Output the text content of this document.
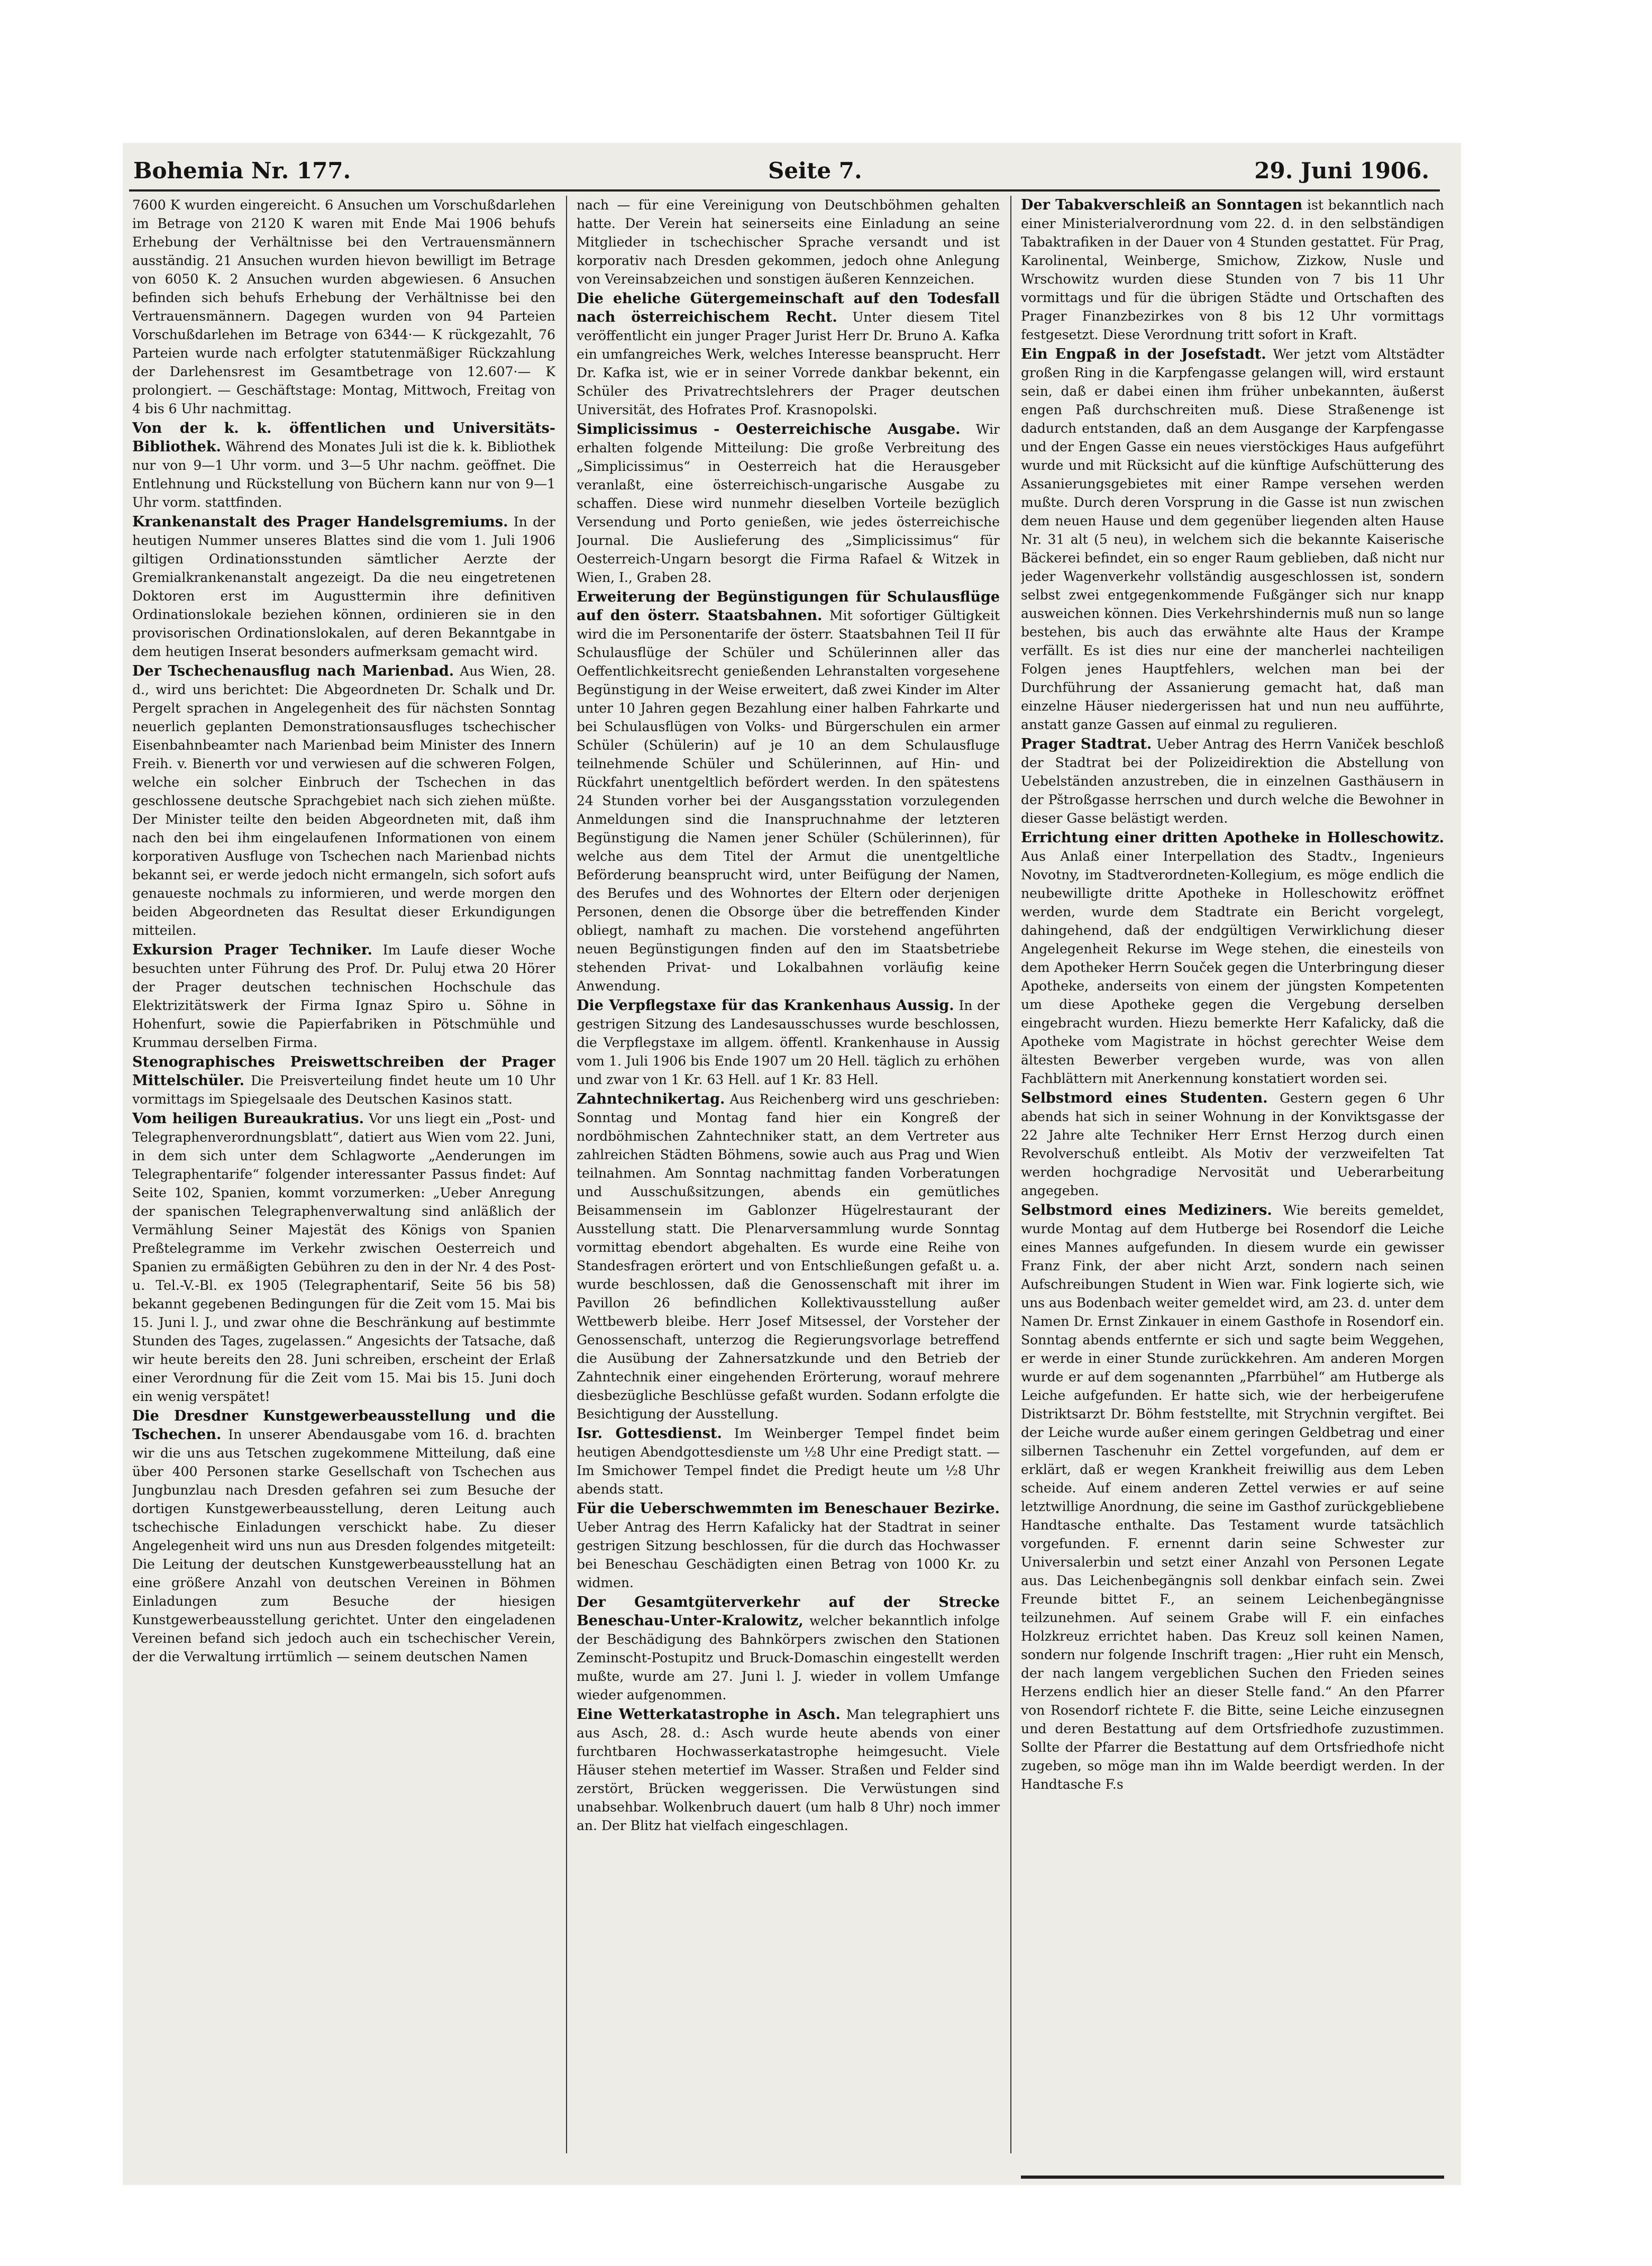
Bohemia Nr. 177.	Seite 7.	29. Juni 1906.

7600 K wurden eingereicht. 6 Ansuchen um Vorschußdarlehen im Betrage von 2120 K waren mit Ende Mai 1906 behufs Erhebung der Verhältnisse bei den Vertrauensmännern ausständig. 21 Ansuchen wurden hievon bewilligt im Betrage von 6050 K. 2 Ansuchen wurden abgewiesen. 6 Ansuchen befinden sich behufs Erhebung der Verhältnisse bei den Vertrauensmännern. Dagegen wurden von 94 Parteien Vorschußdarlehen im Betrage von 6344·— K rückgezahlt, 76 Parteien wurde nach erfolgter statutenmäßiger Rückzahlung der Darlehensrest im Gesamtbetrage von 12.607·— K prolongiert. — Geschäftstage: Montag, Mittwoch, Freitag von 4 bis 6 Uhr nachmittag.

Von der k. k. öffentlichen und Universitäts-Bibliothek. Während des Monates Juli ist die k. k. Bibliothek nur von 9—1 Uhr vorm. und 3—5 Uhr nachm. geöffnet. Die Entlehnung und Rückstellung von Büchern kann nur von 9—1 Uhr vorm. stattfinden.

Krankenanstalt des Prager Handelsgremiums. In der heutigen Nummer unseres Blattes sind die vom 1. Juli 1906 giltigen Ordinationsstunden sämtlicher Aerzte der Gremialkrankenanstalt angezeigt. Da die neu eingetretenen Doktoren erst im Augusttermin ihre definitiven Ordinationslokale beziehen können, ordinieren sie in den provisorischen Ordinationslokalen, auf deren Bekanntgabe in dem heutigen Inserat besonders aufmerksam gemacht wird.

Der Tschechenausflug nach Marienbad. Aus Wien, 28. d., wird uns berichtet: Die Abgeordneten Dr. Schalk und Dr. Pergelt sprachen in Angelegenheit des für nächsten Sonntag neuerlich geplanten Demonstrationsausfluges tschechischer Eisenbahnbeamter nach Marienbad beim Minister des Innern Freih. v. Bienerth vor und verwiesen auf die schweren Folgen, welche ein solcher Einbruch der Tschechen in das geschlossene deutsche Sprachgebiet nach sich ziehen müßte. Der Minister teilte den beiden Abgeordneten mit, daß ihm nach den bei ihm eingelaufenen Informationen von einem korporativen Ausfluge von Tschechen nach Marienbad nichts bekannt sei, er werde jedoch nicht ermangeln, sich sofort aufs genaueste nochmals zu informieren, und werde morgen den beiden Abgeordneten das Resultat dieser Erkundigungen mitteilen.

Exkursion Prager Techniker. Im Laufe dieser Woche besuchten unter Führung des Prof. Dr. Puluj etwa 20 Hörer der Prager deutschen technischen Hochschule das Elektrizitätswerk der Firma Ignaz Spiro u. Söhne in Hohenfurt, sowie die Papierfabriken in Pötschmühle und Krummau derselben Firma.

Stenographisches Preiswettschreiben der Prager Mittelschüler. Die Preisverteilung findet heute um 10 Uhr vormittags im Spiegelsaale des Deutschen Kasinos statt.

Vom heiligen Bureaukratius. Vor uns liegt ein „Post- und Telegraphenverordnungsblatt“, datiert aus Wien vom 22. Juni, in dem sich unter dem Schlagworte „Aenderungen im Telegraphentarife“ folgender interessanter Passus findet: Auf Seite 102, Spanien, kommt vorzumerken: „Ueber Anregung der spanischen Telegraphenverwaltung sind anläßlich der Vermählung Seiner Majestät des Königs von Spanien Preßtelegramme im Verkehr zwischen Oesterreich und Spanien zu ermäßigten Gebühren zu den in der Nr. 4 des Post- u. Tel.-V.-Bl. ex 1905 (Telegraphentarif, Seite 56 bis 58) bekannt gegebenen Bedingungen für die Zeit vom 15. Mai bis 15. Juni l. J., und zwar ohne die Beschränkung auf bestimmte Stunden des Tages, zugelassen.“ Angesichts der Tatsache, daß wir heute bereits den 28. Juni schreiben, erscheint der Erlaß einer Verordnung für die Zeit vom 15. Mai bis 15. Juni doch ein wenig verspätet!

Die Dresdner Kunstgewerbeausstellung und die Tschechen. In unserer Abendausgabe vom 16. d. brachten wir die uns aus Tetschen zugekommene Mitteilung, daß eine über 400 Personen starke Gesellschaft von Tschechen aus Jungbunzlau nach Dresden gefahren sei zum Besuche der dortigen Kunstgewerbeausstellung, deren Leitung auch tschechische Einladungen verschickt habe. Zu dieser Angelegenheit wird uns nun aus Dresden folgendes mitgeteilt: Die Leitung der deutschen Kunstgewerbeausstellung hat an eine größere Anzahl von deutschen Vereinen in Böhmen Einladungen zum Besuche der hiesigen Kunstgewerbeausstellung gerichtet. Unter den eingeladenen Vereinen befand sich jedoch auch ein tschechischer Verein, der die Verwaltung irrtümlich — seinem deutschen Namen

nach — für eine Vereinigung von Deutschböhmen gehalten hatte. Der Verein hat seinerseits eine Einladung an seine Mitglieder in tschechischer Sprache versandt und ist korporativ nach Dresden gekommen, jedoch ohne Anlegung von Vereinsabzeichen und sonstigen äußeren Kennzeichen.

Die eheliche Gütergemeinschaft auf den Todesfall nach österreichischem Recht. Unter diesem Titel veröffentlicht ein junger Prager Jurist Herr Dr. Bruno A. Kafka ein umfangreiches Werk, welches Interesse beansprucht. Herr Dr. Kafka ist, wie er in seiner Vorrede dankbar bekennt, ein Schüler des Privatrechtslehrers der Prager deutschen Universität, des Hofrates Prof. Krasnopolski.

Simplicissimus - Oesterreichische Ausgabe. Wir erhalten folgende Mitteilung: Die große Verbreitung des „Simplicissimus“ in Oesterreich hat die Herausgeber veranlaßt, eine österreichisch-ungarische Ausgabe zu schaffen. Diese wird nunmehr dieselben Vorteile bezüglich Versendung und Porto genießen, wie jedes österreichische Journal. Die Auslieferung des „Simplicissimus“ für Oesterreich-Ungarn besorgt die Firma Rafael & Witzek in Wien, I., Graben 28.

Erweiterung der Begünstigungen für Schulausflüge auf den österr. Staatsbahnen. Mit sofortiger Gültigkeit wird die im Personentarife der österr. Staatsbahnen Teil II für Schulausflüge der Schüler und Schülerinnen aller das Oeffentlichkeitsrecht genießenden Lehranstalten vorgesehene Begünstigung in der Weise erweitert, daß zwei Kinder im Alter unter 10 Jahren gegen Bezahlung einer halben Fahrkarte und bei Schulausflügen von Volks- und Bürgerschulen ein armer Schüler (Schülerin) auf je 10 an dem Schulausfluge teilnehmende Schüler und Schülerinnen, auf Hin- und Rückfahrt unentgeltlich befördert werden. In den spätestens 24 Stunden vorher bei der Ausgangsstation vorzulegenden Anmeldungen sind die Inanspruchnahme der letzteren Begünstigung die Namen jener Schüler (Schülerinnen), für welche aus dem Titel der Armut die unentgeltliche Beförderung beansprucht wird, unter Beifügung der Namen, des Berufes und des Wohnortes der Eltern oder derjenigen Personen, denen die Obsorge über die betreffenden Kinder obliegt, namhaft zu machen. Die vorstehend angeführten neuen Begünstigungen finden auf den im Staatsbetriebe stehenden Privat- und Lokalbahnen vorläufig keine Anwendung.

Die Verpflegstaxe für das Krankenhaus Aussig. In der gestrigen Sitzung des Landesausschusses wurde beschlossen, die Verpflegstaxe im allgem. öffentl. Krankenhause in Aussig vom 1. Juli 1906 bis Ende 1907 um 20 Hell. täglich zu erhöhen und zwar von 1 Kr. 63 Hell. auf 1 Kr. 83 Hell.

Zahntechnikertag. Aus Reichenberg wird uns geschrieben: Sonntag und Montag fand hier ein Kongreß der nordböhmischen Zahntechniker statt, an dem Vertreter aus zahlreichen Städten Böhmens, sowie auch aus Prag und Wien teilnahmen. Am Sonntag nachmittag fanden Vorberatungen und Ausschußsitzungen, abends ein gemütliches Beisammensein im Gablonzer Hügelrestaurant der Ausstellung statt. Die Plenarversammlung wurde Sonntag vormittag ebendort abgehalten. Es wurde eine Reihe von Standesfragen erörtert und von Entschließungen gefaßt u. a. wurde beschlossen, daß die Genossenschaft mit ihrer im Pavillon 26 befindlichen Kollektivausstellung außer Wettbewerb bleibe. Herr Josef Mitsessel, der Vorsteher der Genossenschaft, unterzog die Regierungsvorlage betreffend die Ausübung der Zahnersatzkunde und den Betrieb der Zahntechnik einer eingehenden Erörterung, worauf mehrere diesbezügliche Beschlüsse gefaßt wurden. Sodann erfolgte die Besichtigung der Ausstellung.

Isr. Gottesdienst. Im Weinberger Tempel findet beim heutigen Abendgottesdienste um ½8 Uhr eine Predigt statt. — Im Smichower Tempel findet die Predigt heute um ½8 Uhr abends statt.

Für die Ueberschwemmten im Beneschauer Bezirke. Ueber Antrag des Herrn Kafalicky hat der Stadtrat in seiner gestrigen Sitzung beschlossen, für die durch das Hochwasser bei Beneschau Geschädigten einen Betrag von 1000 Kr. zu widmen.

Der Gesamtgüterverkehr auf der Strecke Beneschau-Unter-Kralowitz, welcher bekanntlich infolge der Beschädigung des Bahnkörpers zwischen den Stationen Zeminscht-Postupitz und Bruck-Domaschin eingestellt werden mußte, wurde am 27. Juni l. J. wieder in vollem Umfange wieder aufgenommen.

Eine Wetterkatastrophe in Asch. Man telegraphiert uns aus Asch, 28. d.: Asch wurde heute abends von einer furchtbaren Hochwasserkatastrophe heimgesucht. Viele Häuser stehen metertief im Wasser. Straßen und Felder sind zerstört, Brücken weggerissen. Die Verwüstungen sind unabsehbar. Wolkenbruch dauert (um halb 8 Uhr) noch immer an. Der Blitz hat vielfach eingeschlagen.

Der Tabakverschleiß an Sonntagen ist bekanntlich nach einer Ministerialverordnung vom 22. d. in den selbständigen Tabaktrafiken in der Dauer von 4 Stunden gestattet. Für Prag, Karolinental, Weinberge, Smichow, Zizkow, Nusle und Wrschowitz wurden diese Stunden von 7 bis 11 Uhr vormittags und für die übrigen Städte und Ortschaften des Prager Finanzbezirkes von 8 bis 12 Uhr vormittags festgesetzt. Diese Verordnung tritt sofort in Kraft.

Ein Engpaß in der Josefstadt. Wer jetzt vom Altstädter großen Ring in die Karpfengasse gelangen will, wird erstaunt sein, daß er dabei einen ihm früher unbekannten, äußerst engen Paß durchschreiten muß. Diese Straßenenge ist dadurch entstanden, daß an dem Ausgange der Karpfengasse und der Engen Gasse ein neues vierstöckiges Haus aufgeführt wurde und mit Rücksicht auf die künftige Aufschütterung des Assanierungsgebietes mit einer Rampe versehen werden mußte. Durch deren Vorsprung in die Gasse ist nun zwischen dem neuen Hause und dem gegenüber liegenden alten Hause Nr. 31 alt (5 neu), in welchem sich die bekannte Kaiserische Bäckerei befindet, ein so enger Raum geblieben, daß nicht nur jeder Wagenverkehr vollständig ausgeschlossen ist, sondern selbst zwei entgegenkommende Fußgänger sich nur knapp ausweichen können. Dies Verkehrshindernis muß nun so lange bestehen, bis auch das erwähnte alte Haus der Krampe verfällt. Es ist dies nur eine der mancherlei nachteiligen Folgen jenes Hauptfehlers, welchen man bei der Durchführung der Assanierung gemacht hat, daß man einzelne Häuser niedergerissen hat und nun neu aufführte, anstatt ganze Gassen auf einmal zu regulieren.

Prager Stadtrat. Ueber Antrag des Herrn Vaniček beschloß der Stadtrat bei der Polizeidirektion die Abstellung von Uebelständen anzustreben, die in einzelnen Gasthäusern in der Pštroßgasse herrschen und durch welche die Bewohner in dieser Gasse belästigt werden.

Errichtung einer dritten Apotheke in Holleschowitz. Aus Anlaß einer Interpellation des Stadtv., Ingenieurs Novotny, im Stadtverordneten-Kollegium, es möge endlich die neubewilligte dritte Apotheke in Holleschowitz eröffnet werden, wurde dem Stadtrate ein Bericht vorgelegt, dahingehend, daß der endgültigen Verwirklichung dieser Angelegenheit Rekurse im Wege stehen, die einesteils von dem Apotheker Herrn Souček gegen die Unterbringung dieser Apotheke, anderseits von einem der jüngsten Kompetenten um diese Apotheke gegen die Vergebung derselben eingebracht wurden. Hiezu bemerkte Herr Kafalicky, daß die Apotheke vom Magistrate in höchst gerechter Weise dem ältesten Bewerber vergeben wurde, was von allen Fachblättern mit Anerkennung konstatiert worden sei.

Selbstmord eines Studenten. Gestern gegen 6 Uhr abends hat sich in seiner Wohnung in der Konviktsgasse der 22 Jahre alte Techniker Herr Ernst Herzog durch einen Revolverschuß entleibt. Als Motiv der verzweifelten Tat werden hochgradige Nervosität und Ueberarbeitung angegeben.

Selbstmord eines Mediziners. Wie bereits gemeldet, wurde Montag auf dem Hutberge bei Rosendorf die Leiche eines Mannes aufgefunden. In diesem wurde ein gewisser Franz Fink, der aber nicht Arzt, sondern nach seinen Aufschreibungen Student in Wien war. Fink logierte sich, wie uns aus Bodenbach weiter gemeldet wird, am 23. d. unter dem Namen Dr. Ernst Zinkauer in einem Gasthofe in Rosendorf ein. Sonntag abends entfernte er sich und sagte beim Weggehen, er werde in einer Stunde zurückkehren. Am anderen Morgen wurde er auf dem sogenannten „Pfarrbühel“ am Hutberge als Leiche aufgefunden. Er hatte sich, wie der herbeigerufene Distriktsarzt Dr. Böhm feststellte, mit Strychnin vergiftet. Bei der Leiche wurde außer einem geringen Geldbetrag und einer silbernen Taschenuhr ein Zettel vorgefunden, auf dem er erklärt, daß er wegen Krankheit freiwillig aus dem Leben scheide. Auf einem anderen Zettel verwies er auf seine letztwillige Anordnung, die seine im Gasthof zurückgebliebene Handtasche enthalte. Das Testament wurde tatsächlich vorgefunden. F. ernennt darin seine Schwester zur Universalerbin und setzt einer Anzahl von Personen Legate aus. Das Leichenbegängnis soll denkbar einfach sein. Zwei Freunde bittet F., an seinem Leichenbegängnisse teilzunehmen. Auf seinem Grabe will F. ein einfaches Holzkreuz errichtet haben. Das Kreuz soll keinen Namen, sondern nur folgende Inschrift tragen: „Hier ruht ein Mensch, der nach langem vergeblichen Suchen den Frieden seines Herzens endlich hier an dieser Stelle fand.“ An den Pfarrer von Rosendorf richtete F. die Bitte, seine Leiche einzusegnen und deren Bestattung auf dem Ortsfriedhofe zuzustimmen. Sollte der Pfarrer die Bestattung auf dem Ortsfriedhofe nicht zugeben, so möge man ihn im Walde beerdigt werden. In der Handtasche F.s
